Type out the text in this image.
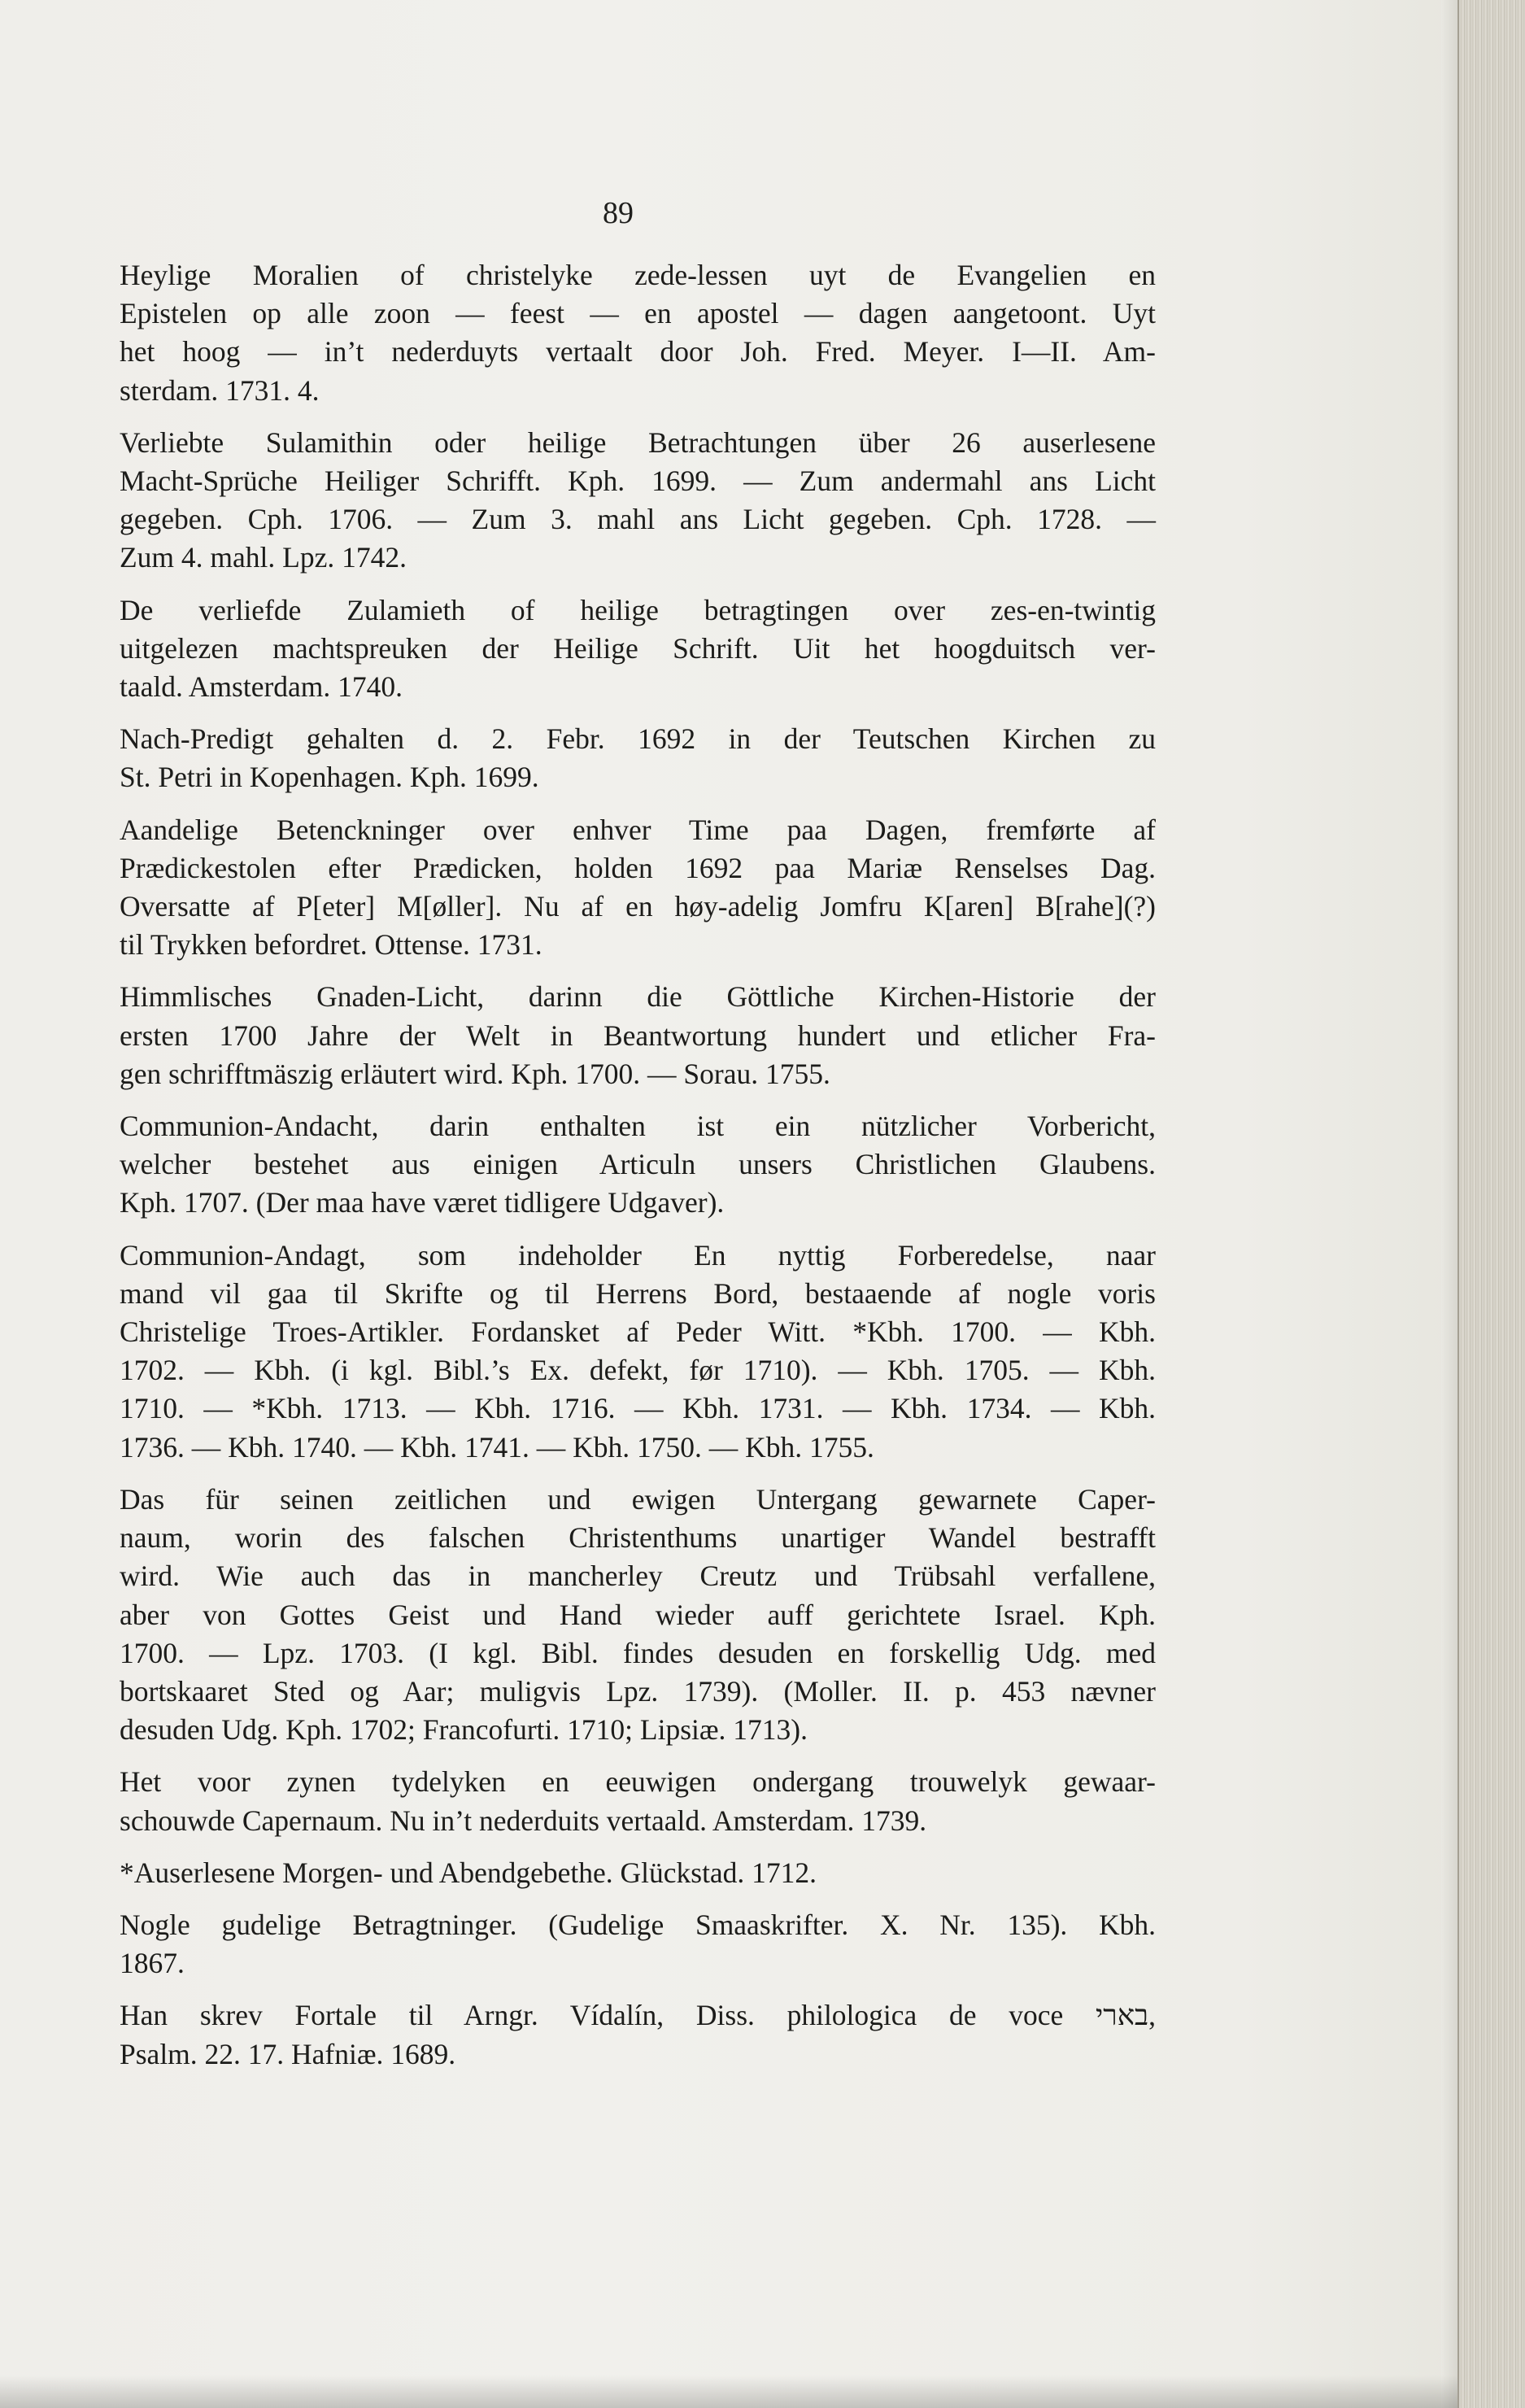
89

Heylige Moralien of christelyke zede-lessen uyt de Evangelien en
Epistelen op alle zoon — feest — en apostel — dagen aangetoont. Uyt
het hoog — in’t nederduyts vertaalt door Joh. Fred. Meyer. I—II. Am-
sterdam. 1731. 4.

Verliebte Sulamithin oder heilige Betrachtungen über 26 auserlesene
Macht-Sprüche Heiliger Schrifft. Kph. 1699. — Zum andermahl ans Licht
gegeben. Cph. 1706. — Zum 3. mahl ans Licht gegeben. Cph. 1728. —
Zum 4. mahl. Lpz. 1742.

De verliefde Zulamieth of heilige betragtingen over zes-en-twintig
uitgelezen machtspreuken der Heilige Schrift. Uit het hoogduitsch ver-
taald. Amsterdam. 1740.

Nach-Predigt gehalten d. 2. Febr. 1692 in der Teutschen Kirchen zu
St. Petri in Kopenhagen. Kph. 1699.

Aandelige Betenckninger over enhver Time paa Dagen, fremførte af
Prædickestolen efter Prædicken, holden 1692 paa Mariæ Renselses Dag.
Oversatte af P[eter] M[øller]. Nu af en høy-adelig Jomfru K[aren] B[rahe](?)
til Trykken befordret. Ottense. 1731.

Himmlisches Gnaden-Licht, darinn die Göttliche Kirchen-Historie der
ersten 1700 Jahre der Welt in Beantwortung hundert und etlicher Fra-
gen schrifftmäszig erläutert wird. Kph. 1700. — Sorau. 1755.

Communion-Andacht, darin enthalten ist ein nützlicher Vorbericht,
welcher bestehet aus einigen Articuln unsers Christlichen Glaubens.
Kph. 1707. (Der maa have været tidligere Udgaver).

Communion-Andagt, som indeholder En nyttig Forberedelse, naar
mand vil gaa til Skrifte og til Herrens Bord, bestaaende af nogle voris
Christelige Troes-Artikler. Fordansket af Peder Witt. *Kbh. 1700. — Kbh.
1702. — Kbh. (i kgl. Bibl.’s Ex. defekt, før 1710). — Kbh. 1705. — Kbh.
1710. — *Kbh. 1713. — Kbh. 1716. — Kbh. 1731. — Kbh. 1734. — Kbh.
1736. — Kbh. 1740. — Kbh. 1741. — Kbh. 1750. — Kbh. 1755.

Das für seinen zeitlichen und ewigen Untergang gewarnete Caper-
naum, worin des falschen Christenthums unartiger Wandel bestrafft
wird. Wie auch das in mancherley Creutz und Trübsahl verfallene,
aber von Gottes Geist und Hand wieder auff gerichtete Israel. Kph.
1700. — Lpz. 1703. (I kgl. Bibl. findes desuden en forskellig Udg. med
bortskaaret Sted og Aar; muligvis Lpz. 1739). (Moller. II. p. 453 nævner
desuden Udg. Kph. 1702; Francofurti. 1710; Lipsiæ. 1713).

Het voor zynen tydelyken en eeuwigen ondergang trouwelyk gewaar-
schouwde Capernaum. Nu in’t nederduits vertaald. Amsterdam. 1739.

*Auserlesene Morgen- und Abendgebethe. Glückstad. 1712.

Nogle gudelige Betragtninger. (Gudelige Smaaskrifter. X. Nr. 135). Kbh.
1867.

Han skrev Fortale til Arngr. Vídalín, Diss. philologica de voce בארי,
Psalm. 22. 17. Hafniæ. 1689.
